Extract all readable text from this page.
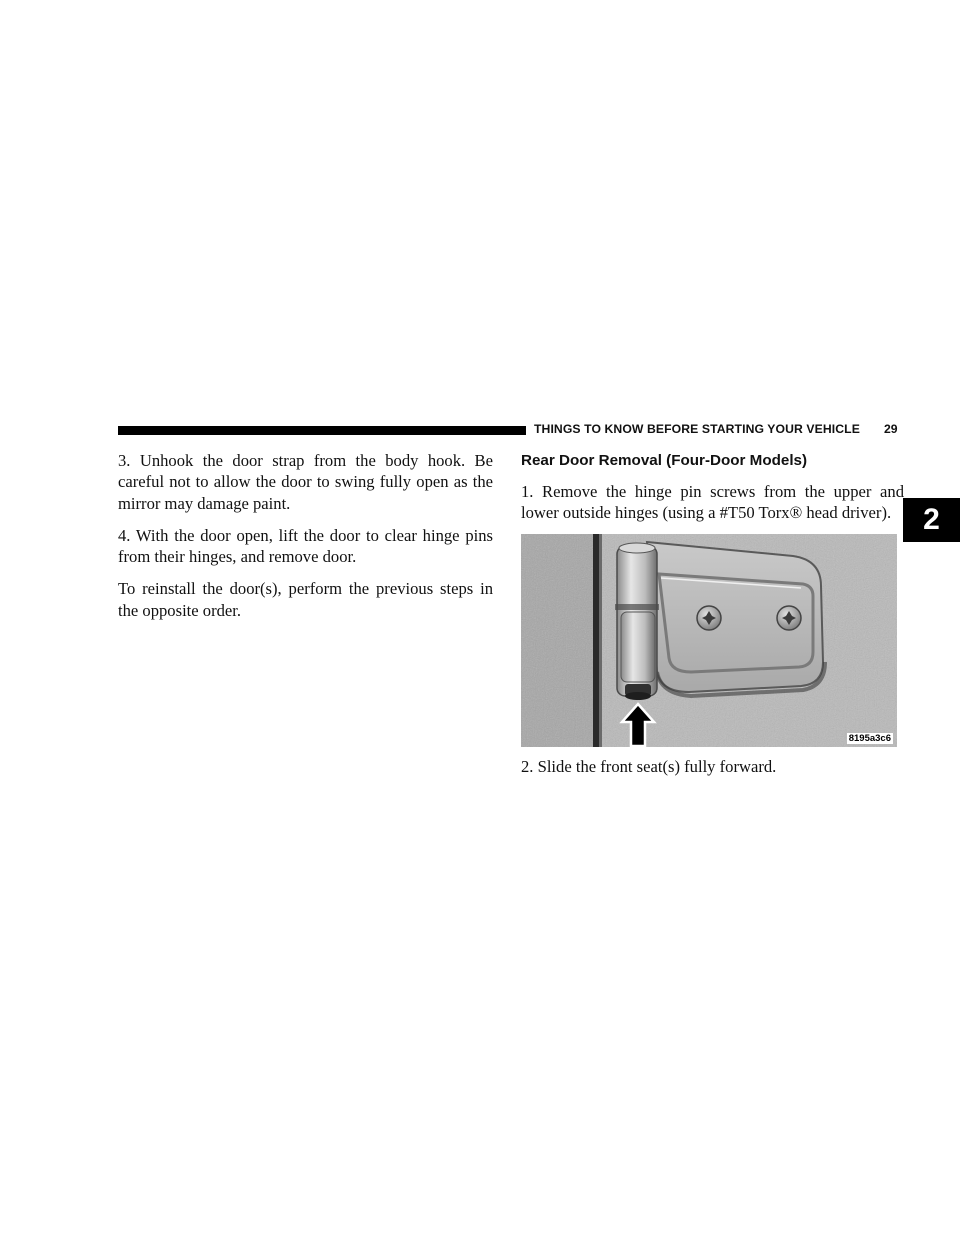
THINGS TO KNOW BEFORE STARTING YOUR VEHICLE 29
2

3. Unhook the door strap from the body hook. Be careful not to allow the door to swing fully open as the mirror may damage paint.

4. With the door open, lift the door to clear hinge pins from their hinges, and remove door.

To reinstall the door(s), perform the previous steps in the opposite order.

Rear Door Removal (Four-Door Models)

1. Remove the hinge pin screws from the upper and lower outside hinges (using a #T50 Torx® head driver).

8195a3c6

2. Slide the front seat(s) fully forward.
